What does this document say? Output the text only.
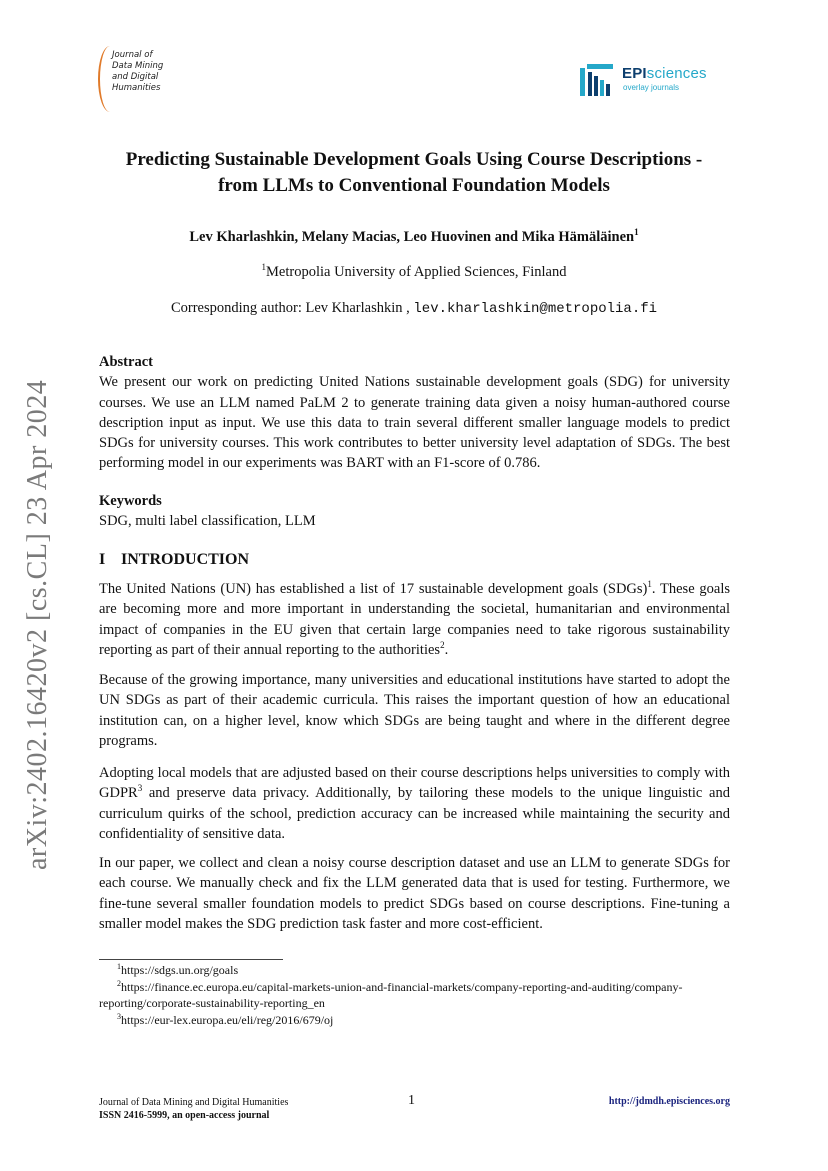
Journal of
Data Mining
and Digital
Humanities
EPIsciences
overlay journals
arXiv:2402.16420v2 [cs.CL] 23 Apr 2024
Predicting Sustainable Development Goals Using Course Descriptions -
from LLMs to Conventional Foundation Models
Lev Kharlashkin, Melany Macias, Leo Huovinen and Mika Hämäläinen$^1$
$^1$Metropolia University of Applied Sciences, Finland
Corresponding author: Lev Kharlashkin , lev.kharlashkin@metropolia.fi
Abstract
We present our work on predicting United Nations sustainable development goals (SDG) for university courses. We use an LLM named PaLM 2 to generate training data given a noisy human-authored course description input as input. We use this data to train several different smaller language models to predict SDGs for university courses. This work contributes to better university level adaptation of SDGs. The best performing model in our experiments was BART with an F1-score of 0.786.
Keywords
SDG, multi label classification, LLM
I INTRODUCTION
The United Nations (UN) has established a list of 17 sustainable development goals (SDGs)$^1$. These goals are becoming more and more important in understanding the societal, humanitarian and environmental impact of companies in the EU given that certain large companies need to take rigorous sustainability reporting as part of their annual reporting to the authorities$^2$.
Because of the growing importance, many universities and educational institutions have started to adopt the UN SDGs as part of their academic curricula. This raises the important question of how an educational institution can, on a higher level, know which SDGs are being taught and where in the different degree programs.
Adopting local models that are adjusted based on their course descriptions helps universities to comply with GDPR$^3$ and preserve data privacy. Additionally, by tailoring these models to the unique linguistic and curriculum quirks of the school, prediction accuracy can be increased while maintaining the security and confidentiality of sensitive data.
In our paper, we collect and clean a noisy course description dataset and use an LLM to generate SDGs for each course. We manually check and fix the LLM generated data that is used for testing. Furthermore, we fine-tune several smaller foundation models to predict SDGs based on course descriptions. Fine-tuning a smaller model makes the SDG prediction task faster and more cost-efficient.
$^1$https://sdgs.un.org/goals
$^2$https://finance.ec.europa.eu/capital-markets-union-and-financial-markets/company-reporting-and-auditing/company-reporting/corporate-sustainability-reporting_en
$^3$https://eur-lex.europa.eu/eli/reg/2016/679/oj
Journal of Data Mining and Digital Humanities
ISSN 2416-5999, an open-access journal
1	http://jdmdh.episciences.org
